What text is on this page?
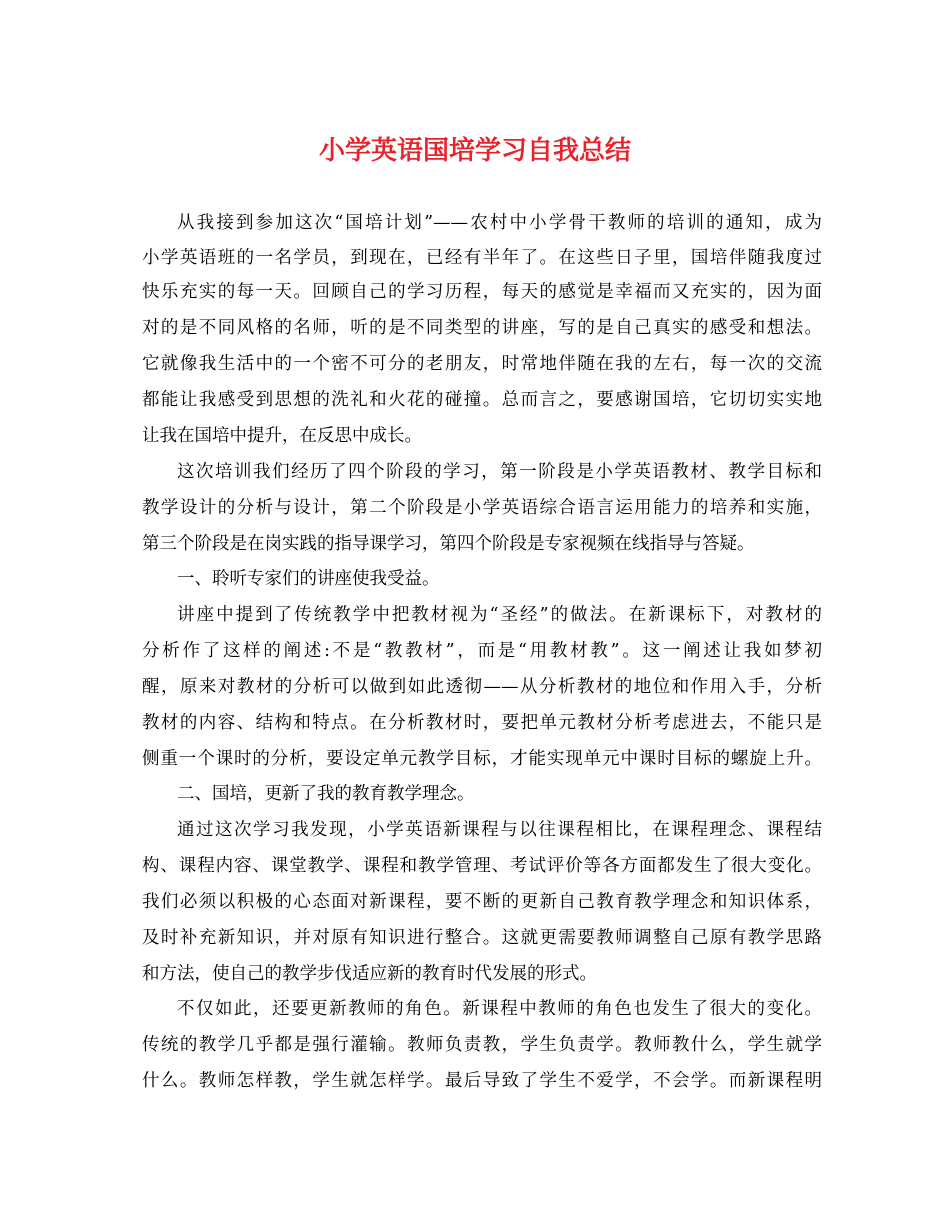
小学英语国培学习自我总结
从我接到参加这次“国培计划”——农村中小学骨干教师的培训的通知，成为
小学英语班的一名学员，到现在，已经有半年了。在这些日子里，国培伴随我度过
快乐充实的每一天。回顾自己的学习历程，每天的感觉是幸福而又充实的，因为面
对的是不同风格的名师，听的是不同类型的讲座，写的是自己真实的感受和想法。
它就像我生活中的一个密不可分的老朋友，时常地伴随在我的左右，每一次的交流
都能让我感受到思想的洗礼和火花的碰撞。总而言之，要感谢国培，它切切实实地
让我在国培中提升，在反思中成长。
这次培训我们经历了四个阶段的学习，第一阶段是小学英语教材、教学目标和
教学设计的分析与设计，第二个阶段是小学英语综合语言运用能力的培养和实施，
第三个阶段是在岗实践的指导课学习，第四个阶段是专家视频在线指导与答疑。
一、聆听专家们的讲座使我受益。
讲座中提到了传统教学中把教材视为“圣经”的做法。在新课标下，对教材的
分析作了这样的阐述:不是“教教材”，而是“用教材教”。这一阐述让我如梦初
醒，原来对教材的分析可以做到如此透彻——从分析教材的地位和作用入手，分析
教材的内容、结构和特点。在分析教材时，要把单元教材分析考虑进去，不能只是
侧重一个课时的分析，要设定单元教学目标，才能实现单元中课时目标的螺旋上升。
二、国培，更新了我的教育教学理念。
通过这次学习我发现，小学英语新课程与以往课程相比，在课程理念、课程结
构、课程内容、课堂教学、课程和教学管理、考试评价等各方面都发生了很大变化。
我们必须以积极的心态面对新课程，要不断的更新自己教育教学理念和知识体系，
及时补充新知识，并对原有知识进行整合。这就更需要教师调整自己原有教学思路
和方法，使自己的教学步伐适应新的教育时代发展的形式。
不仅如此，还要更新教师的角色。新课程中教师的角色也发生了很大的变化。
传统的教学几乎都是强行灌输。教师负责教，学生负责学。教师教什么，学生就学
什么。教师怎样教，学生就怎样学。最后导致了学生不爱学，不会学。而新课程明
